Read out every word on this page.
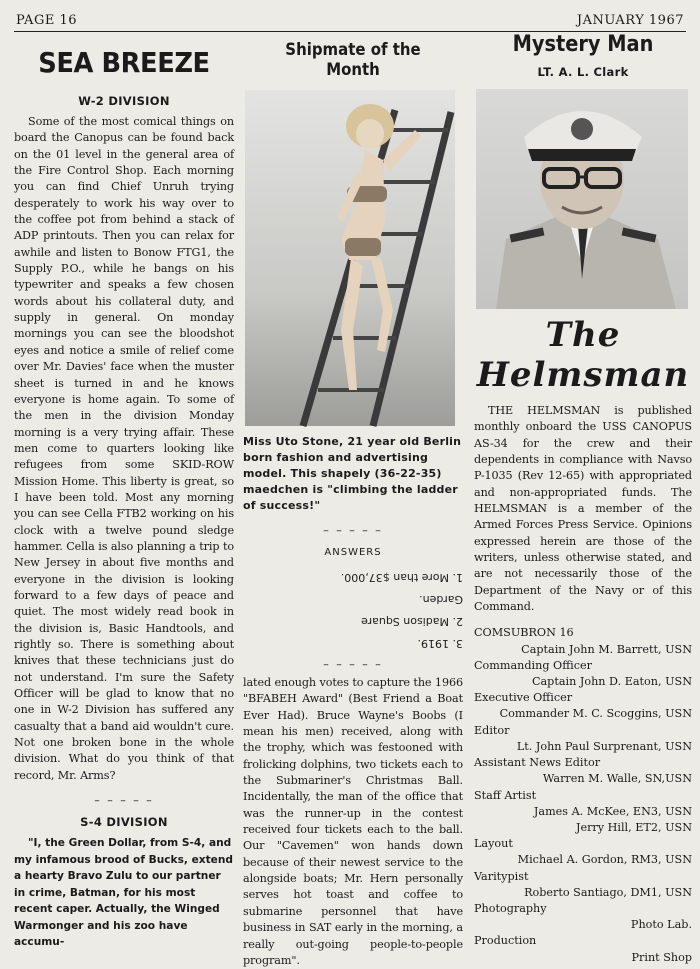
PAGE 16	JANUARY 1967
SEA BREEZE
W-2 DIVISION

Some of the most comical things on board the Canopus can be found back on the 01 level in the general area of the Fire Control Shop. Each morning you can find Chief Unruh trying desperately to work his way over to the coffee pot from behind a stack of ADP printouts. Then you can relax for awhile and listen to Bonow FTG1, the Supply P.O., while he bangs on his typewriter and speaks a few chosen words about his collateral duty, and supply in general. On monday mornings you can see the bloodshot eyes and notice a smile of relief come over Mr. Davies' face when the muster sheet is turned in and he knows everyone is home again. To some of the men in the division Monday morning is a very trying affair. These men come to quarters looking like refugees from some SKID-ROW Mission Home. This liberty is great, so I have been told. Most any morning you can see Cella FTB2 working on his clock with a twelve pound sledge hammer. Cella is also planning a trip to New Jersey in about five months and everyone in the division is looking forward to a few days of peace and quiet. The most widely read book in the division is, Basic Handtools, and rightly so. There is something about knives that these technicians just do not understand. I'm sure the Safety Officer will be glad to know that no one in W-2 Division has suffered any casualty that a band aid wouldn't cure. Not one broken bone in the whole division. What do you think of that record, Mr. Arms?

– – – – –
S-4 DIVISION

"I, the Green Dollar, from S-4, and my infamous brood of Bucks, extend a hearty Bravo Zulu to our partner in crime, Batman, for his most recent caper. Actually, the Winged Warmonger and his zoo have accumu-

Shipmate of the Month

Miss Uto Stone, 21 year old Berlin born fashion and advertising model. This shapely (36-22-35) maedchen is "climbing the ladder of success!"

– – – – –
ANSWERS
3. 1919.
2. Madison Square Garden.
1. More than $37,000.
– – – – –

lated enough votes to capture the 1966 "BFABEH Award" (Best Friend a Boat Ever Had). Bruce Wayne's Boobs (I mean his men) received, along with the trophy, which was festooned with frolicking dolphins, two tickets each to the Submariner's Christmas Ball. Incidentally, the man of the office that was the runner-up in the contest received four tickets each to the ball. Our "Cavemen" won hands down because of their newest service to the alongside boats; Mr. Hern personally serves hot toast and coffee to submarine personnel that have business in SAT early in the morning, a really out-going people-to-people program".

Mystery Man
LT. A. L. Clark
The Helmsman

THE HELMSMAN is published monthly onboard the USS CANOPUS AS-34 for the crew and their dependents in compliance with Navso P-1035 (Rev 12-65) with appropriated and non-appropriated funds. The HELMSMAN is a member of the Armed Forces Press Service. Opinions expressed herein are those of the writers, unless otherwise stated, and are not necessarily those of the Department of the Navy or of this Command.

COMSUBRON 16
Captain John M. Barrett, USN
Commanding Officer
Captain John D. Eaton, USN
Executive Officer
Commander M. C. Scoggins, USN
Editor
Lt. John Paul Surprenant, USN
Assistant News Editor
Warren M. Walle, SN,USN
Staff Artist
James A. McKee, EN3, USN
Jerry Hill, ET2, USN
Layout
Michael A. Gordon, RM3, USN
Varitypist
Roberto Santiago, DM1, USN
Photography
Photo Lab.
Production
Print Shop
